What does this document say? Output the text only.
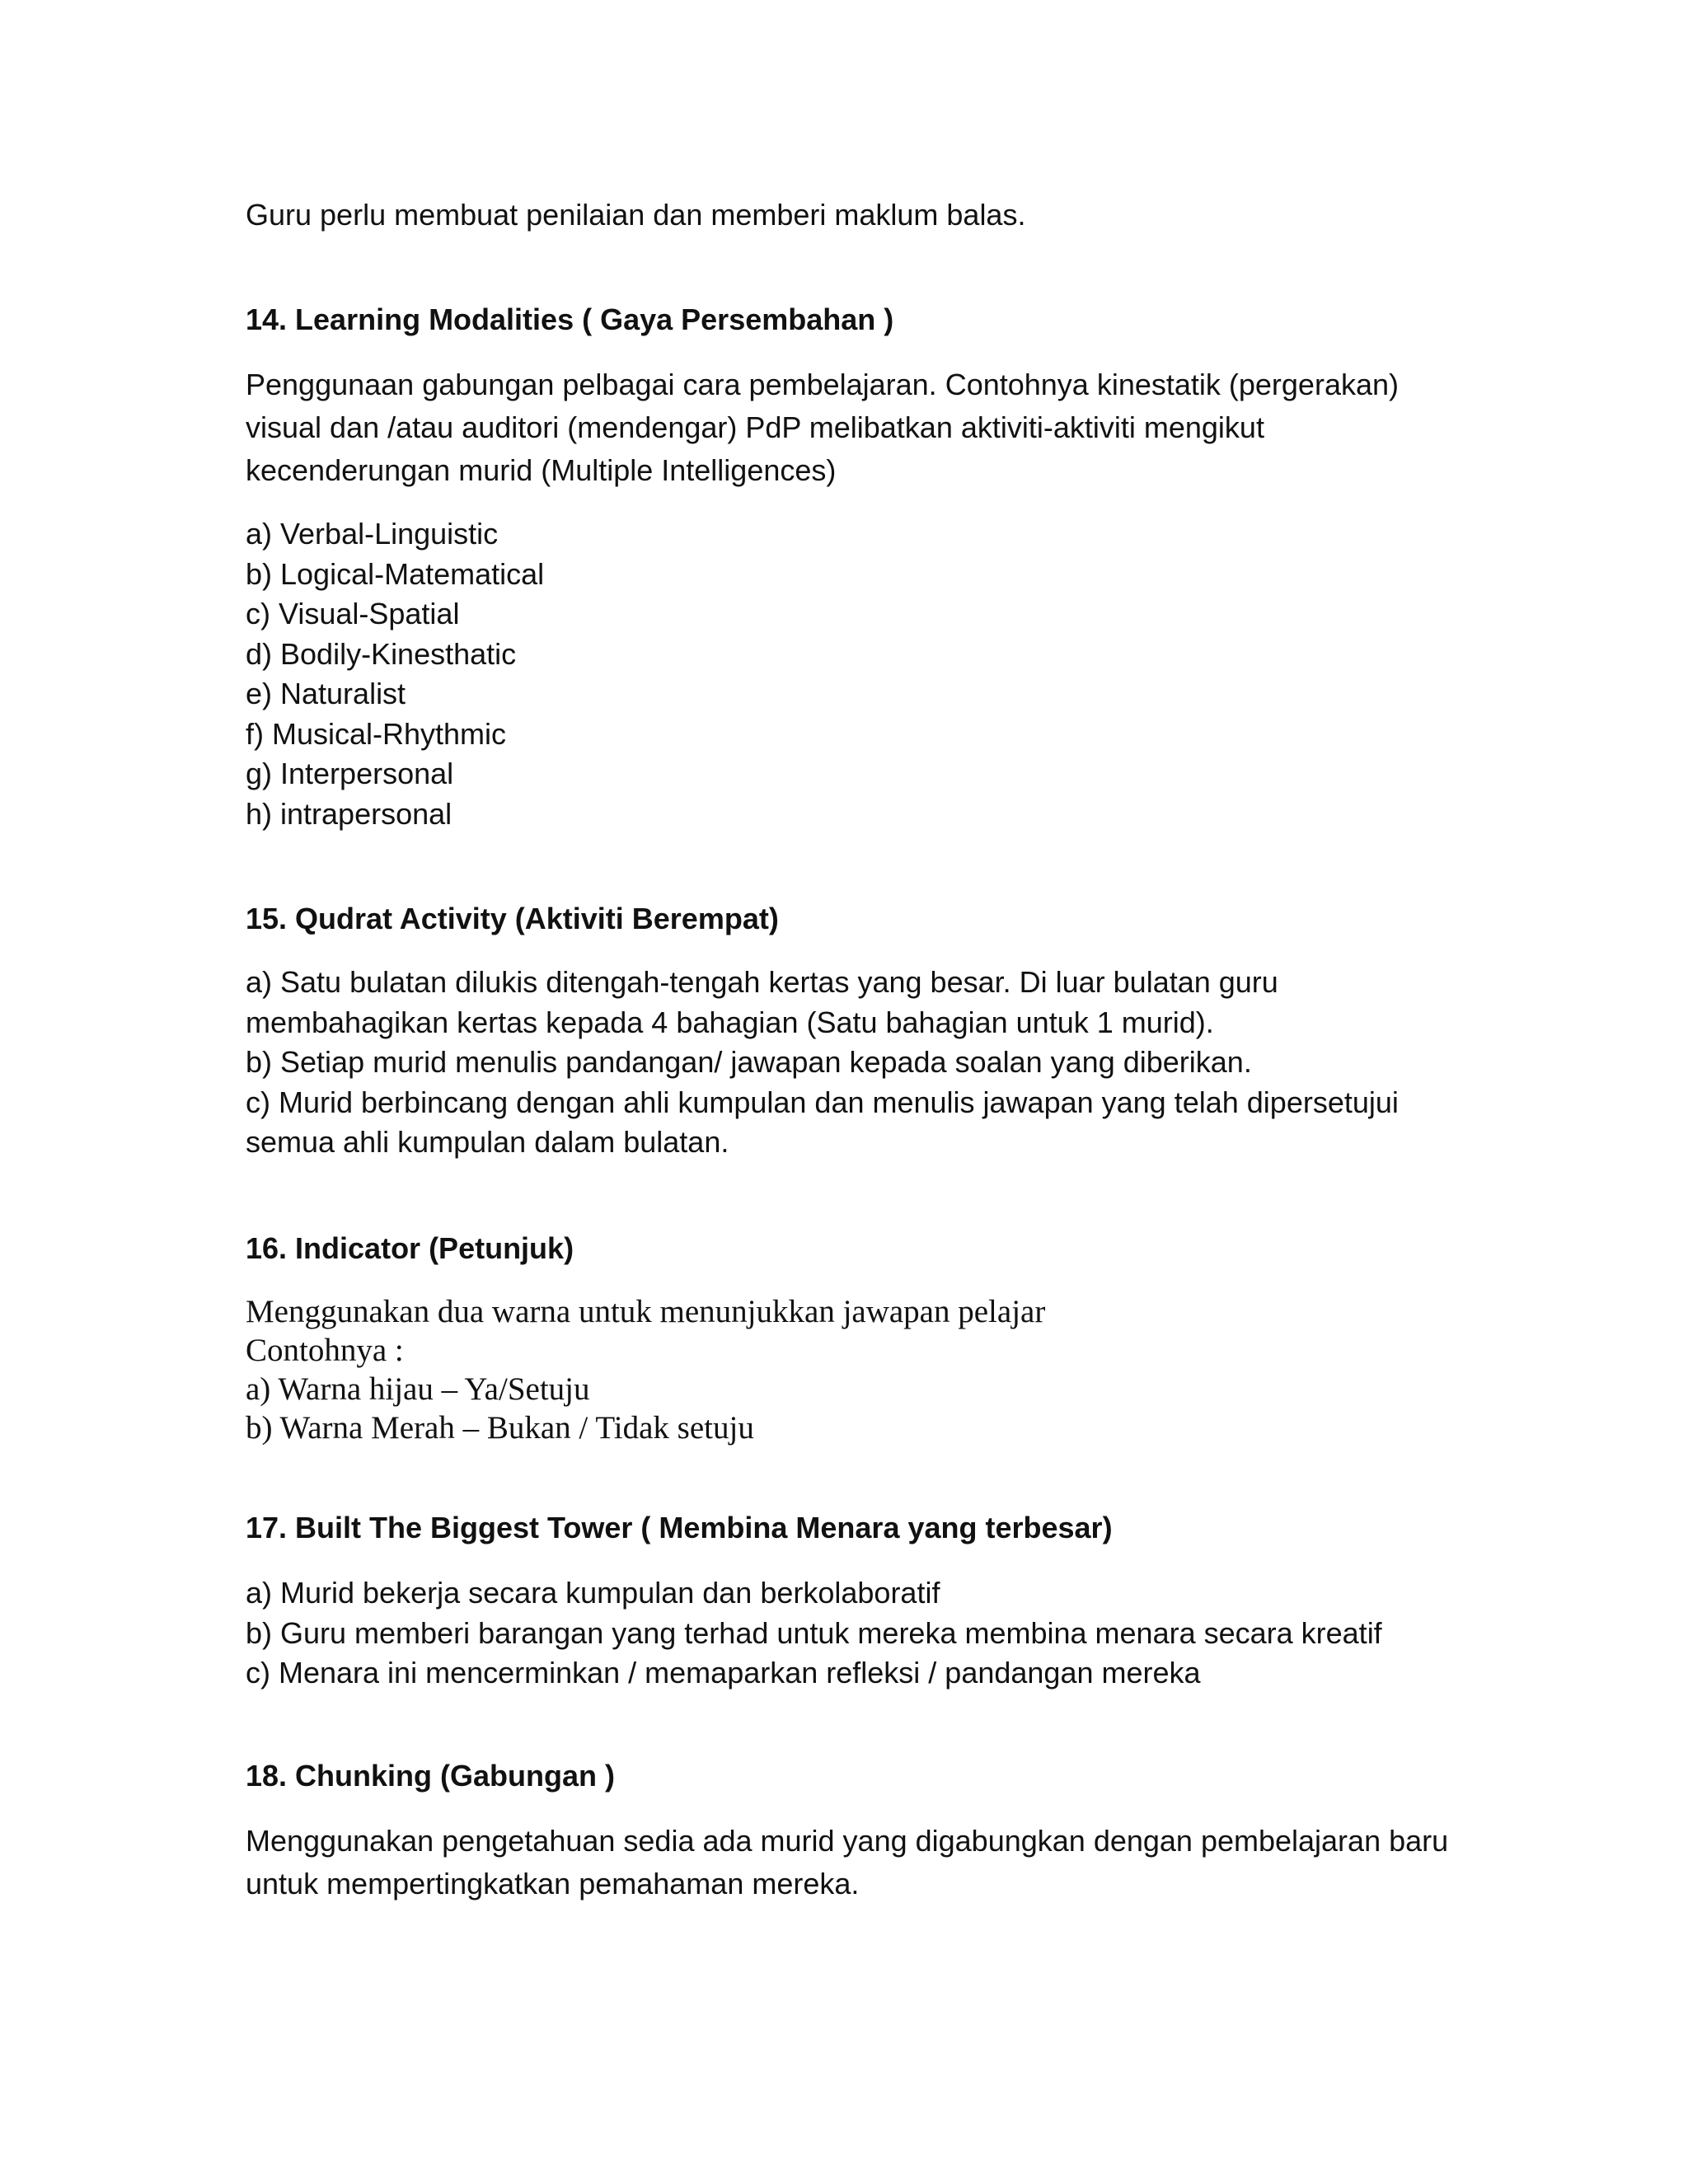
Guru perlu membuat penilaian dan memberi maklum balas.

14. Learning Modalities ( Gaya Persembahan )

Penggunaan gabungan pelbagai cara pembelajaran. Contohnya kinestatik (pergerakan) visual dan /atau auditori (mendengar) PdP melibatkan aktiviti-aktiviti mengikut kecenderungan murid (Multiple Intelligences)

a) Verbal-Linguistic
b) Logical-Matematical
c) Visual-Spatial
d) Bodily-Kinesthatic
e) Naturalist
f) Musical-Rhythmic
g) Interpersonal
h) intrapersonal

15. Qudrat Activity (Aktiviti Berempat)

a) Satu bulatan dilukis ditengah-tengah kertas yang besar. Di luar bulatan guru
membahagikan kertas kepada 4 bahagian (Satu bahagian untuk 1 murid).
b) Setiap murid menulis pandangan/ jawapan kepada soalan yang diberikan.
c) Murid berbincang dengan ahli kumpulan dan menulis jawapan yang telah dipersetujui
semua ahli kumpulan dalam bulatan.

16. Indicator (Petunjuk)

Menggunakan dua warna untuk menunjukkan jawapan pelajar
Contohnya :
a) Warna hijau – Ya/Setuju
b) Warna Merah – Bukan / Tidak setuju

17. Built The Biggest Tower ( Membina Menara yang terbesar)

a) Murid bekerja secara kumpulan dan berkolaboratif
b) Guru memberi barangan yang terhad untuk mereka membina menara secara kreatif
c) Menara ini mencerminkan / memaparkan refleksi / pandangan mereka

18. Chunking (Gabungan )

Menggunakan pengetahuan sedia ada murid yang digabungkan dengan pembelajaran baru untuk mempertingkatkan pemahaman mereka.
